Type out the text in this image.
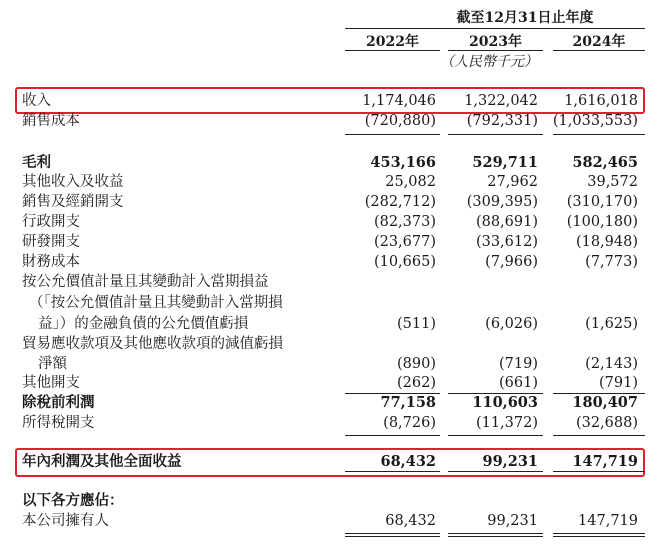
截至12月31日止年度
2022年	2023年	2024年
（人民幣千元）
收入	1,174,046	1,322,042	1,616,018
銷售成本	(720,880)	(792,331)	(1,033,553)
毛利	453,166	529,711	582,465
其他收入及收益	25,082	27,962	39,572
銷售及經銷開支	(282,712)	(309,395)	(310,170)
行政開支	(82,373)	(88,691)	(100,180)
研發開支	(23,677)	(33,612)	(18,948)
財務成本	(10,665)	(7,966)	(7,773)
按公允價值計量且其變動計入當期損益
（「按公允價值計量且其變動計入當期損
益」）的金融負債的公允價值虧損	(511)	(6,026)	(1,625)
貿易應收款項及其他應收款項的減值虧損
淨額	(890)	(719)	(2,143)
其他開支	(262)	(661)	(791)
除稅前利潤	77,158	110,603	180,407
所得稅開支	(8,726)	(11,372)	(32,688)
年內利潤及其他全面收益	68,432	99,231	147,719
以下各方應佔：
本公司擁有人	68,432	99,231	147,719
